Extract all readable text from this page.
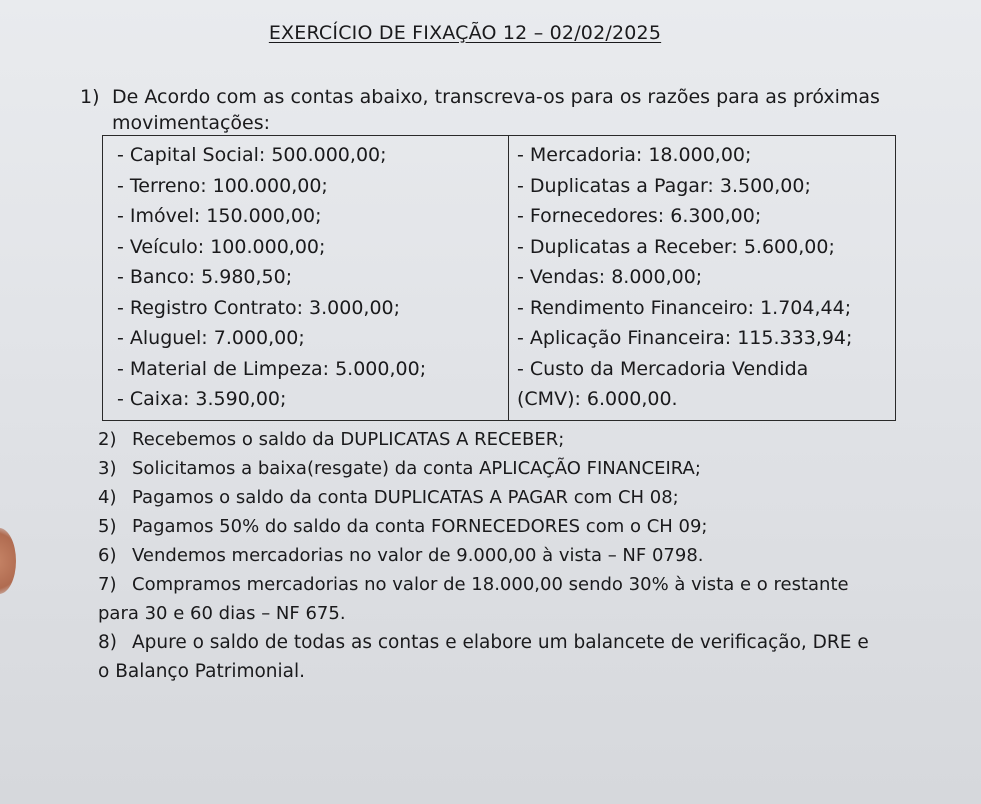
EXERCÍCIO DE FIXAÇÃO 12 – 02/02/2025
1) De Acordo com as contas abaixo, transcreva-os para os razões para as próximas
movimentações:
- Capital Social: 500.000,00;
- Terreno: 100.000,00;
- Imóvel: 150.000,00;
- Veículo: 100.000,00;
- Banco: 5.980,50;
- Registro Contrato: 3.000,00;
- Aluguel: 7.000,00;
- Material de Limpeza: 5.000,00;
- Caixa: 3.590,00;
- Mercadoria: 18.000,00;
- Duplicatas a Pagar: 3.500,00;
- Fornecedores: 6.300,00;
- Duplicatas a Receber: 5.600,00;
- Vendas: 8.000,00;
- Rendimento Financeiro: 1.704,44;
- Aplicação Financeira: 115.333,94;
- Custo da Mercadoria Vendida
(CMV): 6.000,00.
2) Recebemos o saldo da DUPLICATAS A RECEBER;
3) Solicitamos a baixa(resgate) da conta APLICAÇÃO FINANCEIRA;
4) Pagamos o saldo da conta DUPLICATAS A PAGAR com CH 08;
5) Pagamos 50% do saldo da conta FORNECEDORES com o CH 09;
6) Vendemos mercadorias no valor de 9.000,00 à vista – NF 0798.
7) Compramos mercadorias no valor de 18.000,00 sendo 30% à vista e o restante
para 30 e 60 dias – NF 675.
8) Apure o saldo de todas as contas e elabore um balancete de verificação, DRE e
o Balanço Patrimonial.
